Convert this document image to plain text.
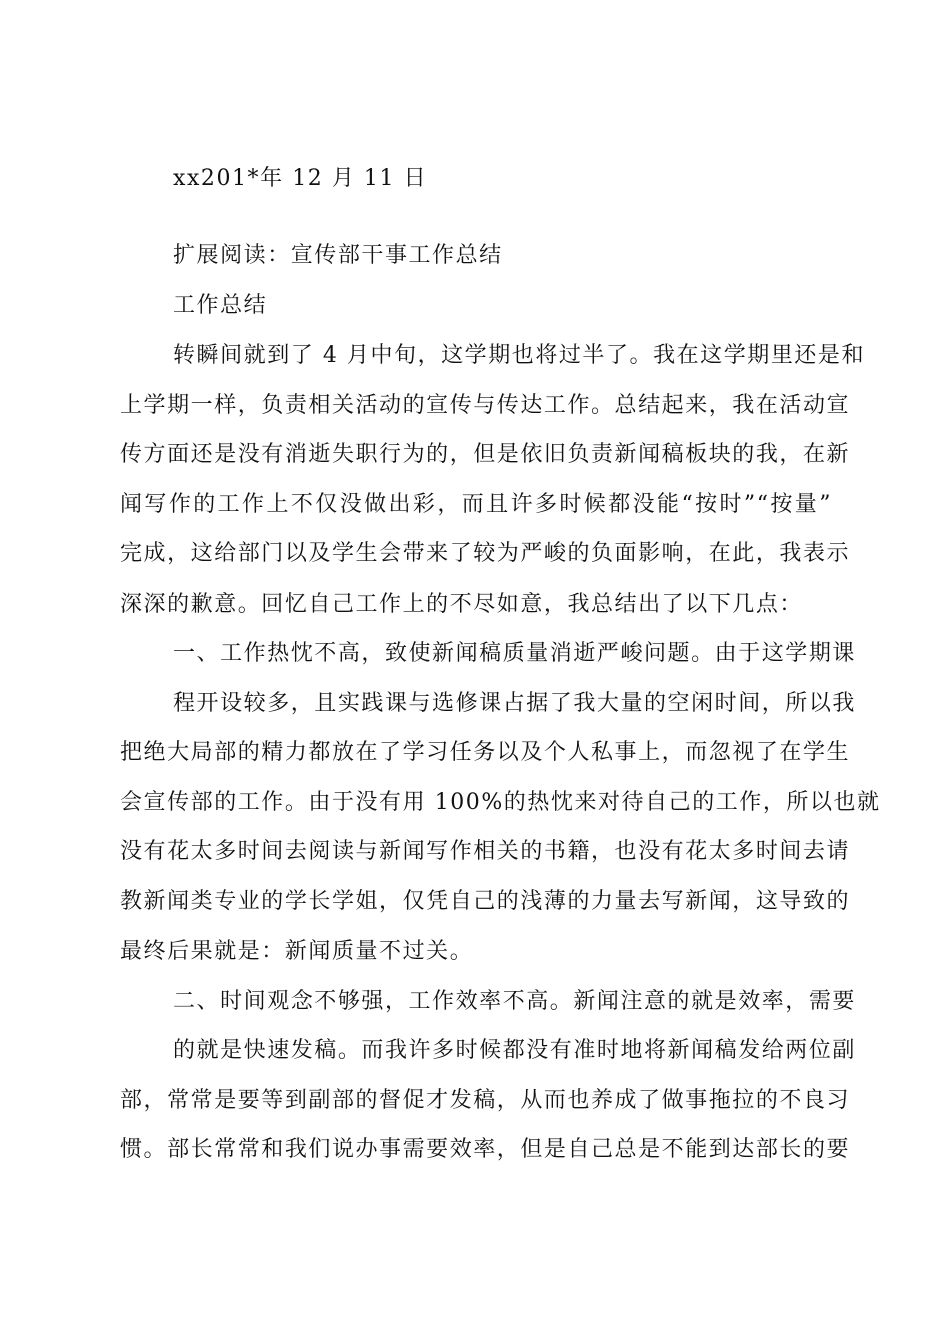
xx201*年 12 月 11 日
扩展阅读：宣传部干事工作总结
工作总结
转瞬间就到了 4 月中旬，这学期也将过半了。我在这学期里还是和
上学期一样，负责相关活动的宣传与传达工作。总结起来，我在活动宣
传方面还是没有消逝失职行为的，但是依旧负责新闻稿板块的我，在新
闻写作的工作上不仅没做出彩，而且许多时候都没能“按时”“按量”
完成，这给部门以及学生会带来了较为严峻的负面影响，在此，我表示
深深的歉意。回忆自己工作上的不尽如意，我总结出了以下几点：
一、工作热忱不高，致使新闻稿质量消逝严峻问题。由于这学期课
程开设较多，且实践课与选修课占据了我大量的空闲时间，所以我
把绝大局部的精力都放在了学习任务以及个人私事上，而忽视了在学生
会宣传部的工作。由于没有用 100%的热忱来对待自己的工作，所以也就
没有花太多时间去阅读与新闻写作相关的书籍，也没有花太多时间去请
教新闻类专业的学长学姐，仅凭自己的浅薄的力量去写新闻，这导致的
最终后果就是：新闻质量不过关。
二、时间观念不够强，工作效率不高。新闻注意的就是效率，需要
的就是快速发稿。而我许多时候都没有准时地将新闻稿发给两位副
部，常常是要等到副部的督促才发稿，从而也养成了做事拖拉的不良习
惯。部长常常和我们说办事需要效率，但是自己总是不能到达部长的要
